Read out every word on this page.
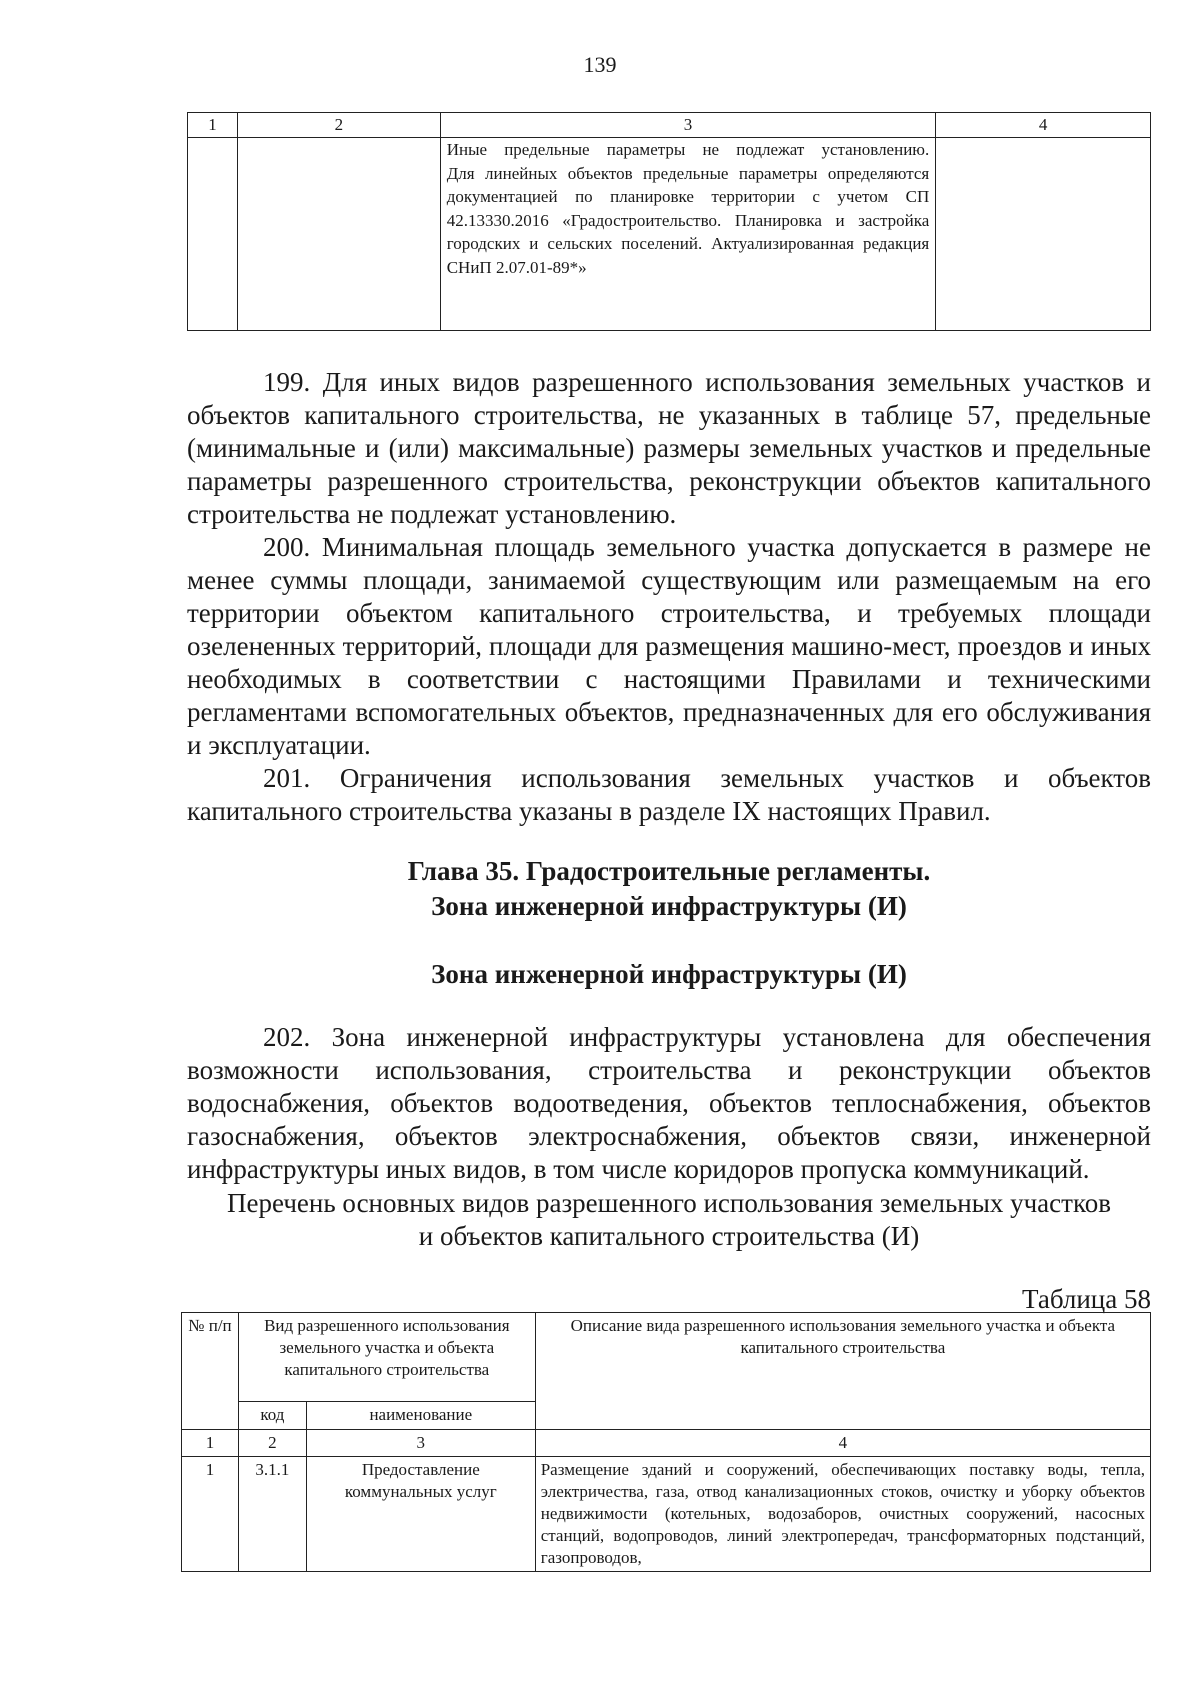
139
1	2	3	4

		Иные предельные параметры не подлежат установлению.

Для линейных объектов предельные параметры определяются документацией по планировке территории с учетом СП 42.13330.2016 «Градостроительство. Планировка и застройка городских и сельских поселений. Актуализированная редакция СНиП 2.07.01-89*»	

199. Для иных видов разрешенного использования земельных участков и объектов капитального строительства, не указанных в таблице 57, предельные (минимальные и (или) максимальные) размеры земельных участков и предельные параметры разрешенного строительства, реконструкции объектов капитального строительства не подлежат установлению.

200. Минимальная площадь земельного участка допускается в размере не менее суммы площади, занимаемой существующим или размещаемым на его территории объектом капитального строительства, и требуемых площади озелененных территорий, площади для размещения машино-мест, проездов и иных необходимых в соответствии с настоящими Правилами и техническими регламентами вспомогательных объектов, предназначенных для его обслуживания и эксплуатации.

201. Ограничения использования земельных участков и объектов капитального строительства указаны в разделе IX настоящих Правил.

Глава 35. Градостроительные регламенты.
Зона инженерной инфраструктуры (И)
Зона инженерной инфраструктуры (И)

202. Зона инженерной инфраструктуры установлена для обеспечения возможности использования, строительства и реконструкции объектов водоснабжения, объектов водоотведения, объектов теплоснабжения, объектов газоснабжения, объектов электроснабжения, объектов связи, инженерной инфраструктуры иных видов, в том числе коридоров пропуска коммуникаций.

Перечень основных видов разрешенного использования земельных участков
и объектов капитального строительства (И)
Таблица 58
№ п/п	Вид разрешенного использования земельного участка и объекта капитального строительства		Описание вида разрешенного использования земельного участка и объекта капитального строительства
	код	наименование	
1	2	3	4
1	3.1.1	Предоставление коммунальных услуг	Размещение зданий и сооружений, обеспечивающих поставку воды, тепла, электричества, газа, отвод канализационных стоков, очистку и уборку объектов недвижимости (котельных, водозаборов, очистных сооружений, насосных станций, водопроводов, линий электропередач, трансформаторных подстанций, газопроводов,
